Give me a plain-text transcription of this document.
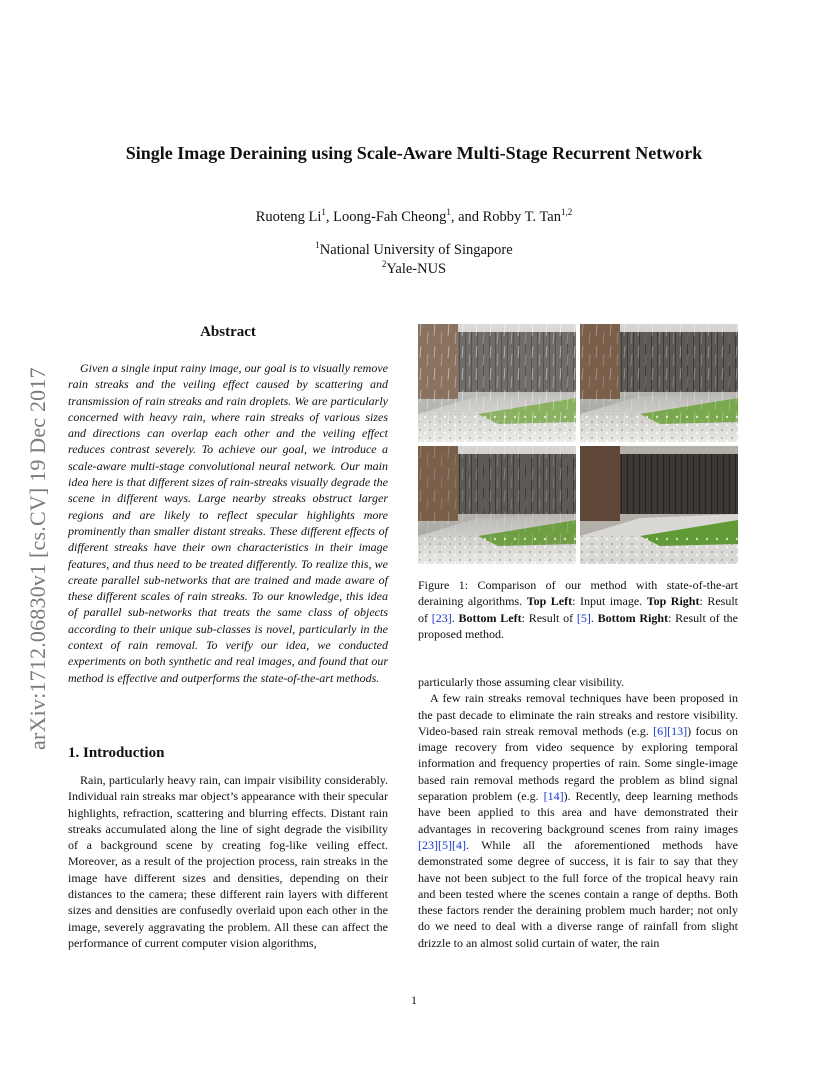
Single Image Deraining using Scale-Aware Multi-Stage Recurrent Network
Ruoteng Li$^1$, Loong-Fah Cheong$^1$, and Robby T. Tan$^{1,2}$
$^1$National University of Singapore
$^2$Yale-NUS
arXiv:1712.06830v1 [cs.CV] 19 Dec 2017
Abstract
Given a single input rainy image, our goal is to visually remove rain streaks and the veiling effect caused by scattering and transmission of rain streaks and rain droplets. We are particularly concerned with heavy rain, where rain streaks of various sizes and directions can overlap each other and the veiling effect reduces contrast severely. To achieve our goal, we introduce a scale-aware multi-stage convolutional neural network. Our main idea here is that different sizes of rain-streaks visually degrade the scene in different ways. Large nearby streaks obstruct larger regions and are likely to reflect specular highlights more prominently than smaller distant streaks. These different effects of different streaks have their own characteristics in their image features, and thus need to be treated differently. To realize this, we create parallel sub-networks that are trained and made aware of these different scales of rain streaks. To our knowledge, this idea of parallel sub-networks that treats the same class of objects according to their unique sub-classes is novel, particularly in the context of rain removal. To verify our idea, we conducted experiments on both synthetic and real images, and found that our method is effective and outperforms the state-of-the-art methods.
1. Introduction
Rain, particularly heavy rain, can impair visibility considerably. Individual rain streaks mar object’s appearance with their specular highlights, refraction, scattering and blurring effects. Distant rain streaks accumulated along the line of sight degrade the visibility of a background scene by creating fog-like veiling effect. Moreover, as a result of the projection process, rain streaks in the image have different sizes and densities, depending on their distances to the camera; these different rain layers with different sizes and densities are confusedly overlaid upon each other in the image, severely aggravating the problem. All these can affect the performance of current computer vision algorithms,
Figure 1: Comparison of our method with state-of-the-art deraining algorithms. Top Left: Input image. Top Right: Result of [23]. Bottom Left: Result of [5]. Bottom Right: Result of the proposed method.

particularly those assuming clear visibility.

A few rain streaks removal techniques have been proposed in the past decade to eliminate the rain streaks and restore visibility. Video-based rain streak removal methods (e.g. [6][13]) focus on image recovery from video sequence by exploring temporal information and frequency properties of rain. Some single-image based rain removal methods regard the problem as blind signal separation problem (e.g. [14]). Recently, deep learning methods have been applied to this area and have demonstrated their advantages in recovering background scenes from rainy images [23][5][4]. While all the aforementioned methods have demonstrated some degree of success, it is fair to say that they have not been subject to the full force of the tropical heavy rain and been tested where the scenes contain a range of depths. Both these factors render the deraining problem much harder; not only do we need to deal with a diverse range of rainfall from slight drizzle to an almost solid curtain of water, the rain

1
